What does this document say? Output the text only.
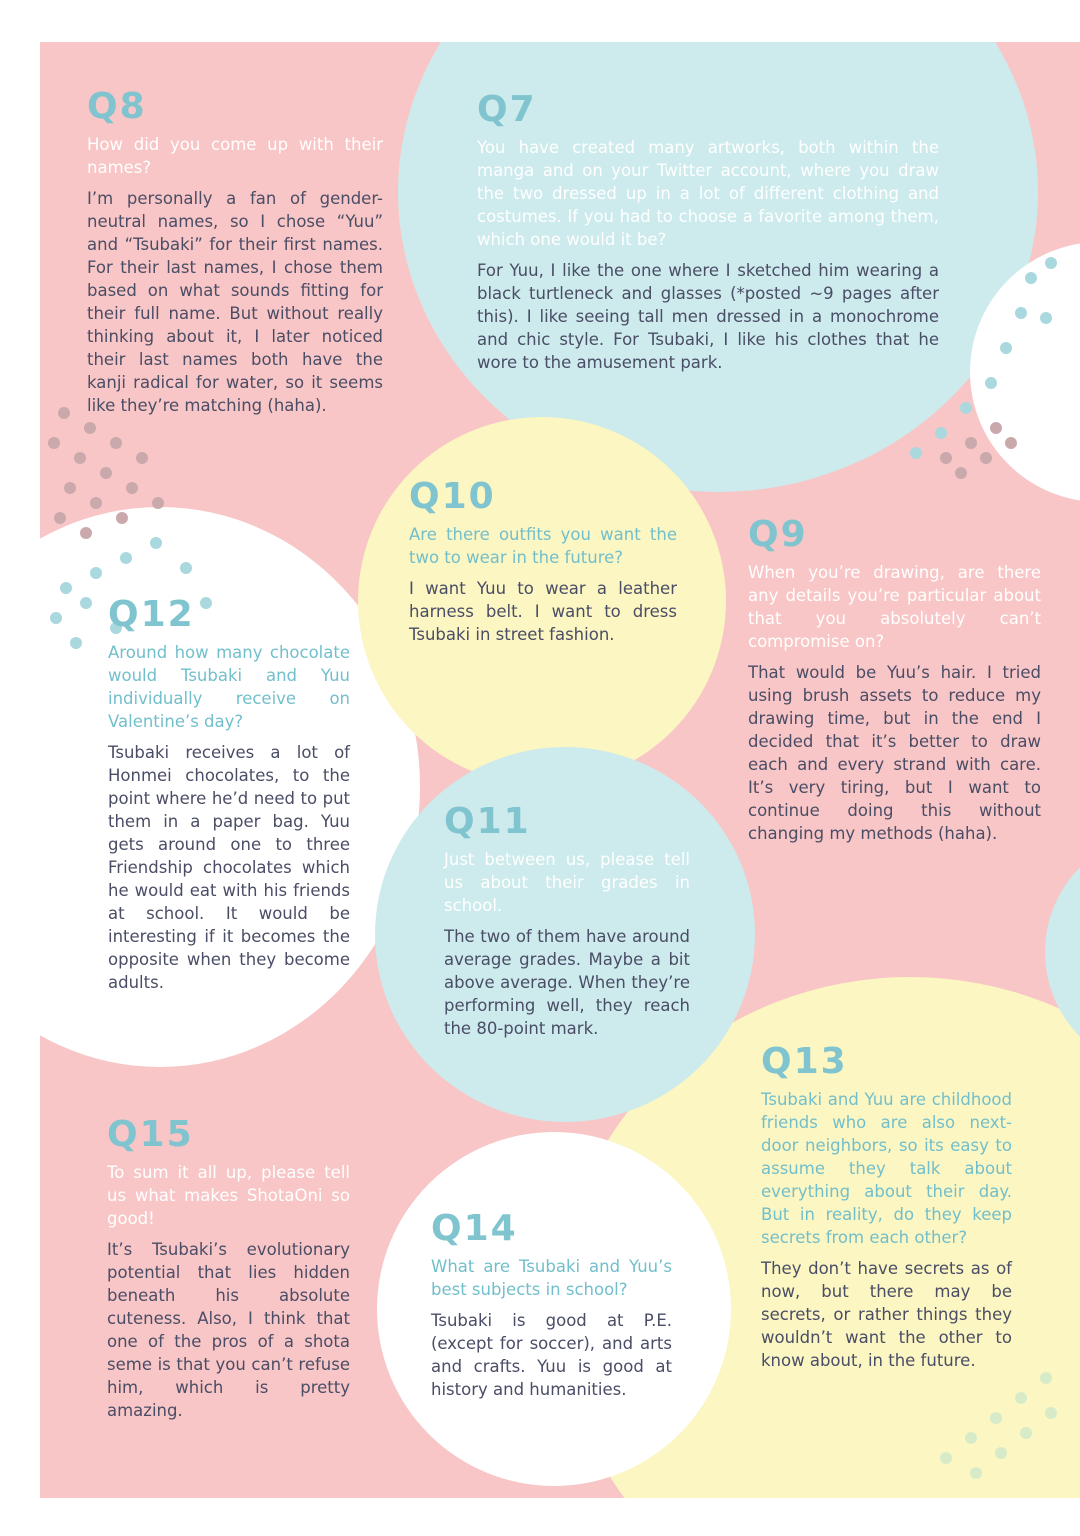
Q8

How did you come up with their names?

I’m personally a fan of gender-neutral names, so I chose “Yuu” and “Tsubaki” for their first names. For their last names, I chose them based on what sounds fitting for their full name. But without really thinking about it, I later noticed their last names both have the kanji radical for water, so it seems like they’re matching (haha).

Q7

You have created many artworks, both within the manga and on your Twitter account, where you draw the two dressed up in a lot of different clothing and costumes. If you had to choose a favorite among them, which one would it be?

For Yuu, I like the one where I sketched him wearing a black turtleneck and glasses (*posted ~9 pages after this). I like seeing tall men dressed in a monochrome and chic style. For Tsubaki, I like his clothes that he wore to the amusement park.

Q10

Are there outfits you want the two to wear in the future?

I want Yuu to wear a leather harness belt. I want to dress Tsubaki in street fashion.

Q9

When you’re drawing, are there any details you’re particular about that you absolutely can’t compromise on?

That would be Yuu’s hair. I tried using brush assets to reduce my drawing time, but in the end I decided that it’s better to draw each and every strand with care. It’s very tiring, but I want to continue doing this without changing my methods (haha).

Q12

Around how many chocolate would Tsubaki and Yuu individually receive on Valentine’s day?

Tsubaki receives a lot of Honmei chocolates, to the point where he’d need to put them in a paper bag. Yuu gets around one to three Friendship chocolates which he would eat with his friends at school. It would be interesting if it becomes the opposite when they become adults.

Q11

Just between us, please tell us about their grades in school.

The two of them have around average grades. Maybe a bit above average. When they’re performing well, they reach the 80-point mark.

Q13

Tsubaki and Yuu are childhood friends who are also next-door neighbors, so its easy to assume they talk about everything about their day. But in reality, do they keep secrets from each other?

They don’t have secrets as of now, but there may be secrets, or rather things they wouldn’t want the other to know about, in the future.

Q15

To sum it all up, please tell us what makes ShotaOni so good!

It’s Tsubaki’s evolutionary potential that lies hidden beneath his absolute cuteness. Also, I think that one of the pros of a shota seme is that you can’t refuse him, which is pretty amazing.

Q14

What are Tsubaki and Yuu’s best subjects in school?

Tsubaki is good at P.E. (except for soccer), and arts and crafts. Yuu is good at history and humanities.
